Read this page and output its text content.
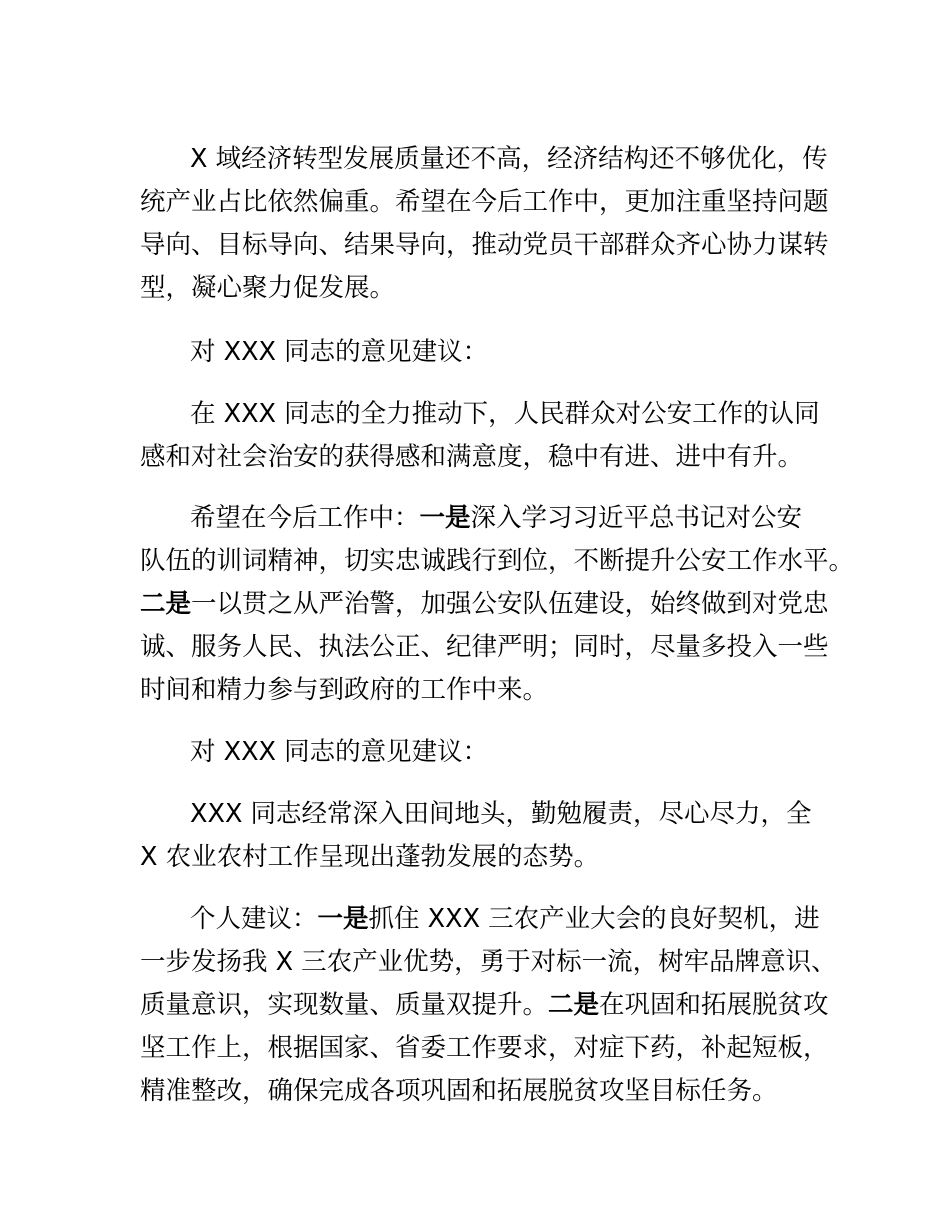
X 域经济转型发展质量还不高，经济结构还不够优化，传
统产业占比依然偏重。希望在今后工作中，更加注重坚持问题
导向、目标导向、结果导向，推动党员干部群众齐心协力谋转
型，凝心聚力促发展。
对 XXX 同志的意见建议：
在 XXX 同志的全力推动下，人民群众对公安工作的认同
感和对社会治安的获得感和满意度，稳中有进、进中有升。
希望在今后工作中：一是深入学习习近平总书记对公安
队伍的训词精神，切实忠诚践行到位，不断提升公安工作水平。
二是一以贯之从严治警，加强公安队伍建设，始终做到对党忠
诚、服务人民、执法公正、纪律严明；同时，尽量多投入一些
时间和精力参与到政府的工作中来。
对 XXX 同志的意见建议：
XXX 同志经常深入田间地头，勤勉履责，尽心尽力，全
X 农业农村工作呈现出蓬勃发展的态势。
个人建议：一是抓住 XXX 三农产业大会的良好契机，进
一步发扬我 X 三农产业优势，勇于对标一流，树牢品牌意识、
质量意识，实现数量、质量双提升。二是在巩固和拓展脱贫攻
坚工作上，根据国家、省委工作要求，对症下药，补起短板，
精准整改，确保完成各项巩固和拓展脱贫攻坚目标任务。
